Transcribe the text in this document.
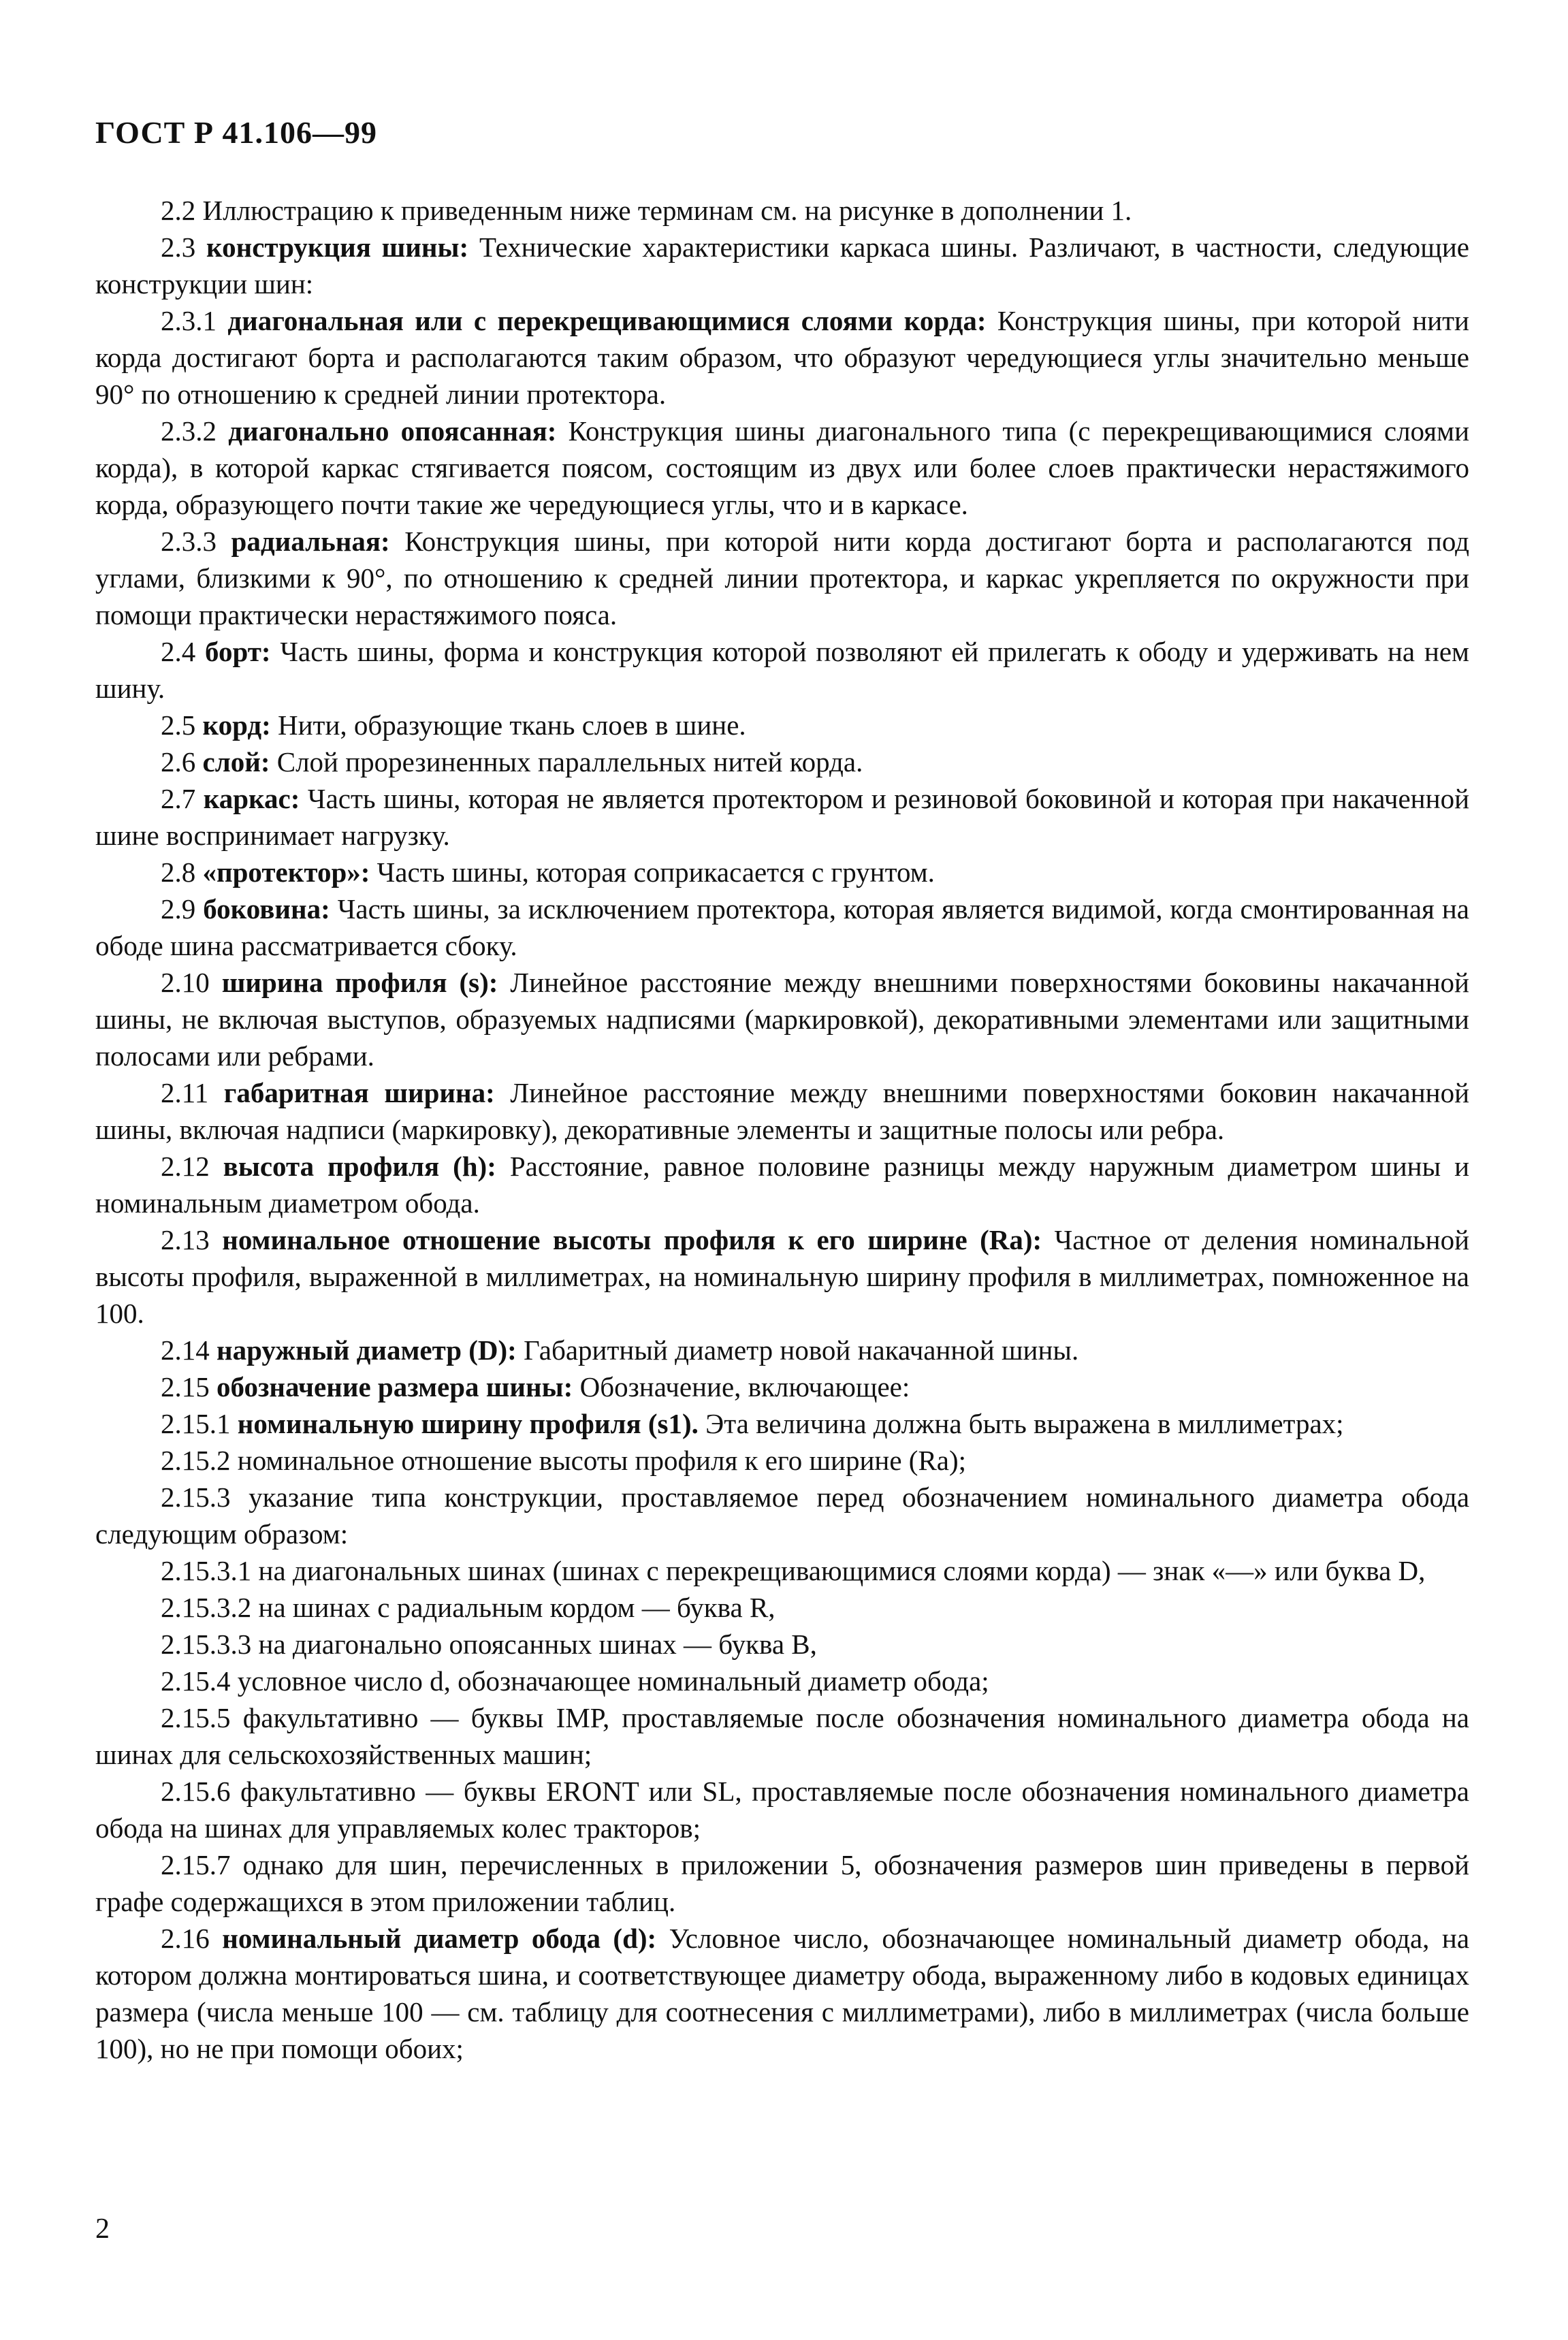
ГОСТ Р 41.106—99

2.2 Иллюстрацию к приведенным ниже терминам см. на рисунке в дополнении 1.

2.3 конструкция шины: Технические характеристики каркаса шины. Различают, в частности, следующие конструкции шин:

2.3.1 диагональная или с перекрещивающимися слоями корда: Конструкция шины, при которой нити корда достигают борта и располагаются таким образом, что образуют чередующиеся углы значительно меньше 90° по отношению к средней линии протектора.

2.3.2 диагонально опоясанная: Конструкция шины диагонального типа (с перекрещивающимися слоями корда), в которой каркас стягивается поясом, состоящим из двух или более слоев практически нерастяжимого корда, образующего почти такие же чередующиеся углы, что и в каркасе.

2.3.3 радиальная: Конструкция шины, при которой нити корда достигают борта и располагаются под углами, близкими к 90°, по отношению к средней линии протектора, и каркас укрепляется по окружности при помощи практически нерастяжимого пояса.

2.4 борт: Часть шины, форма и конструкция которой позволяют ей прилегать к ободу и удерживать на нем шину.

2.5 корд: Нити, образующие ткань слоев в шине.

2.6 слой: Слой прорезиненных параллельных нитей корда.

2.7 каркас: Часть шины, которая не является протектором и резиновой боковиной и которая при накаченной шине воспринимает нагрузку.

2.8 «протектор»: Часть шины, которая соприкасается с грунтом.

2.9 боковина: Часть шины, за исключением протектора, которая является видимой, когда смонтированная на ободе шина рассматривается сбоку.

2.10 ширина профиля (s): Линейное расстояние между внешними поверхностями боковины накачанной шины, не включая выступов, образуемых надписями (маркировкой), декоративными элементами или защитными полосами или ребрами.

2.11 габаритная ширина: Линейное расстояние между внешними поверхностями боковин накачанной шины, включая надписи (маркировку), декоративные элементы и защитные полосы или ребра.

2.12 высота профиля (h): Расстояние, равное половине разницы между наружным диаметром шины и номинальным диаметром обода.

2.13 номинальное отношение высоты профиля к его ширине (Ra): Частное от деления номинальной высоты профиля, выраженной в миллиметрах, на номинальную ширину профиля в миллиметрах, помноженное на 100.

2.14 наружный диаметр (D): Габаритный диаметр новой накачанной шины.

2.15 обозначение размера шины: Обозначение, включающее:

2.15.1 номинальную ширину профиля (s1). Эта величина должна быть выражена в миллиметрах;

2.15.2 номинальное отношение высоты профиля к его ширине (Ra);

2.15.3 указание типа конструкции, проставляемое перед обозначением номинального диаметра обода следующим образом:

2.15.3.1 на диагональных шинах (шинах с перекрещивающимися слоями корда) — знак «—» или буква D,

2.15.3.2 на шинах с радиальным кордом — буква R,

2.15.3.3 на диагонально опоясанных шинах — буква B,

2.15.4 условное число d, обозначающее номинальный диаметр обода;

2.15.5 факультативно — буквы IMP, проставляемые после обозначения номинального диаметра обода на шинах для сельскохозяйственных машин;

2.15.6 факультативно — буквы ERONT или SL, проставляемые после обозначения номинального диаметра обода на шинах для управляемых колес тракторов;

2.15.7 однако для шин, перечисленных в приложении 5, обозначения размеров шин приведены в первой графе содержащихся в этом приложении таблиц.

2.16 номинальный диаметр обода (d): Условное число, обозначающее номинальный диаметр обода, на котором должна монтироваться шина, и соответствующее диаметру обода, выраженному либо в кодовых единицах размера (числа меньше 100 — см. таблицу для соотнесения с миллиметрами), либо в миллиметрах (числа больше 100), но не при помощи обоих;

2
